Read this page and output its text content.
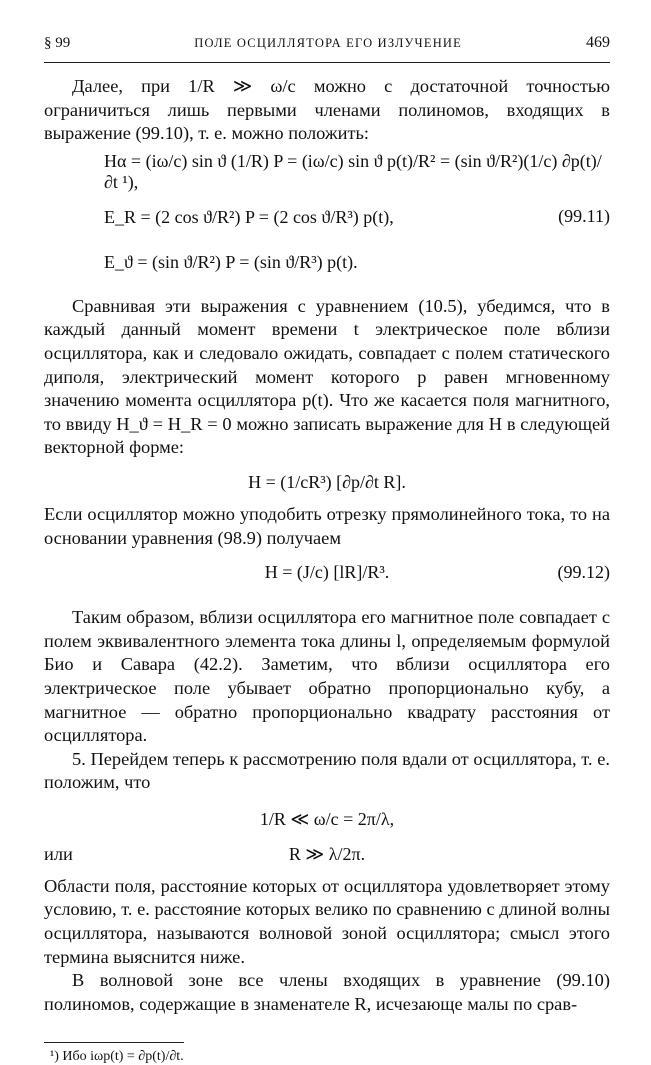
§ 99	ПОЛЕ ОСЦИЛЛЯТОРА ЕГО ИЗЛУЧЕНИЕ	469

Далее, при 1/R ≫ ω/c можно с достаточной точностью ограничиться лишь первыми членами полиномов, входящих в выражение (99.10), т. е. можно положить:

Hα = (iω/c) sin ϑ (1/R) P = (iω/c) sin ϑ p(t)/R² = (sin ϑ/R²)(1/c) ∂p(t)/∂t ¹),
E_R = (2 cos ϑ/R²) P = (2 cos ϑ/R³) p(t),
E_ϑ = (sin ϑ/R²) P = (sin ϑ/R³) p(t).
(99.11)

Сравнивая эти выражения с уравнением (10.5), убедимся, что в каждый данный момент времени t электрическое поле вблизи осциллятора, как и следовало ожидать, совпадает с полем статического диполя, электрический момент которого p равен мгновенному значению момента осциллятора p(t). Что же касается поля магнитного, то ввиду H_ϑ = H_R = 0 можно записать выражение для H в следующей векторной форме:

H = (1/cR³) [∂p/∂t R].

Если осциллятор можно уподобить отрезку прямолинейного тока, то на основании уравнения (98.9) получаем

H = (J/c) [lR]/R³.	(99.12)

Таким образом, вблизи осциллятора его магнитное поле совпадает с полем эквивалентного элемента тока длины l, определяемым формулой Био и Савара (42.2). Заметим, что вблизи осциллятора его электрическое поле убывает обратно пропорционально кубу, а магнитное — обратно пропорционально квадрату расстояния от осциллятора.

5. Перейдем теперь к рассмотрению поля вдали от осциллятора, т. е. положим, что

1/R ≪ ω/c = 2π/λ,
или	R ≫ λ/2π.

Области поля, расстояние которых от осциллятора удовлетворяет этому условию, т. е. расстояние которых велико по сравнению с длиной волны осциллятора, называются волновой зоной осциллятора; смысл этого термина выяснится ниже.

В волновой зоне все члены входящих в уравнение (99.10) полиномов, содержащие в знаменателе R, исчезающе малы по срав-

¹) Ибо iωp(t) = ∂p(t)/∂t.
